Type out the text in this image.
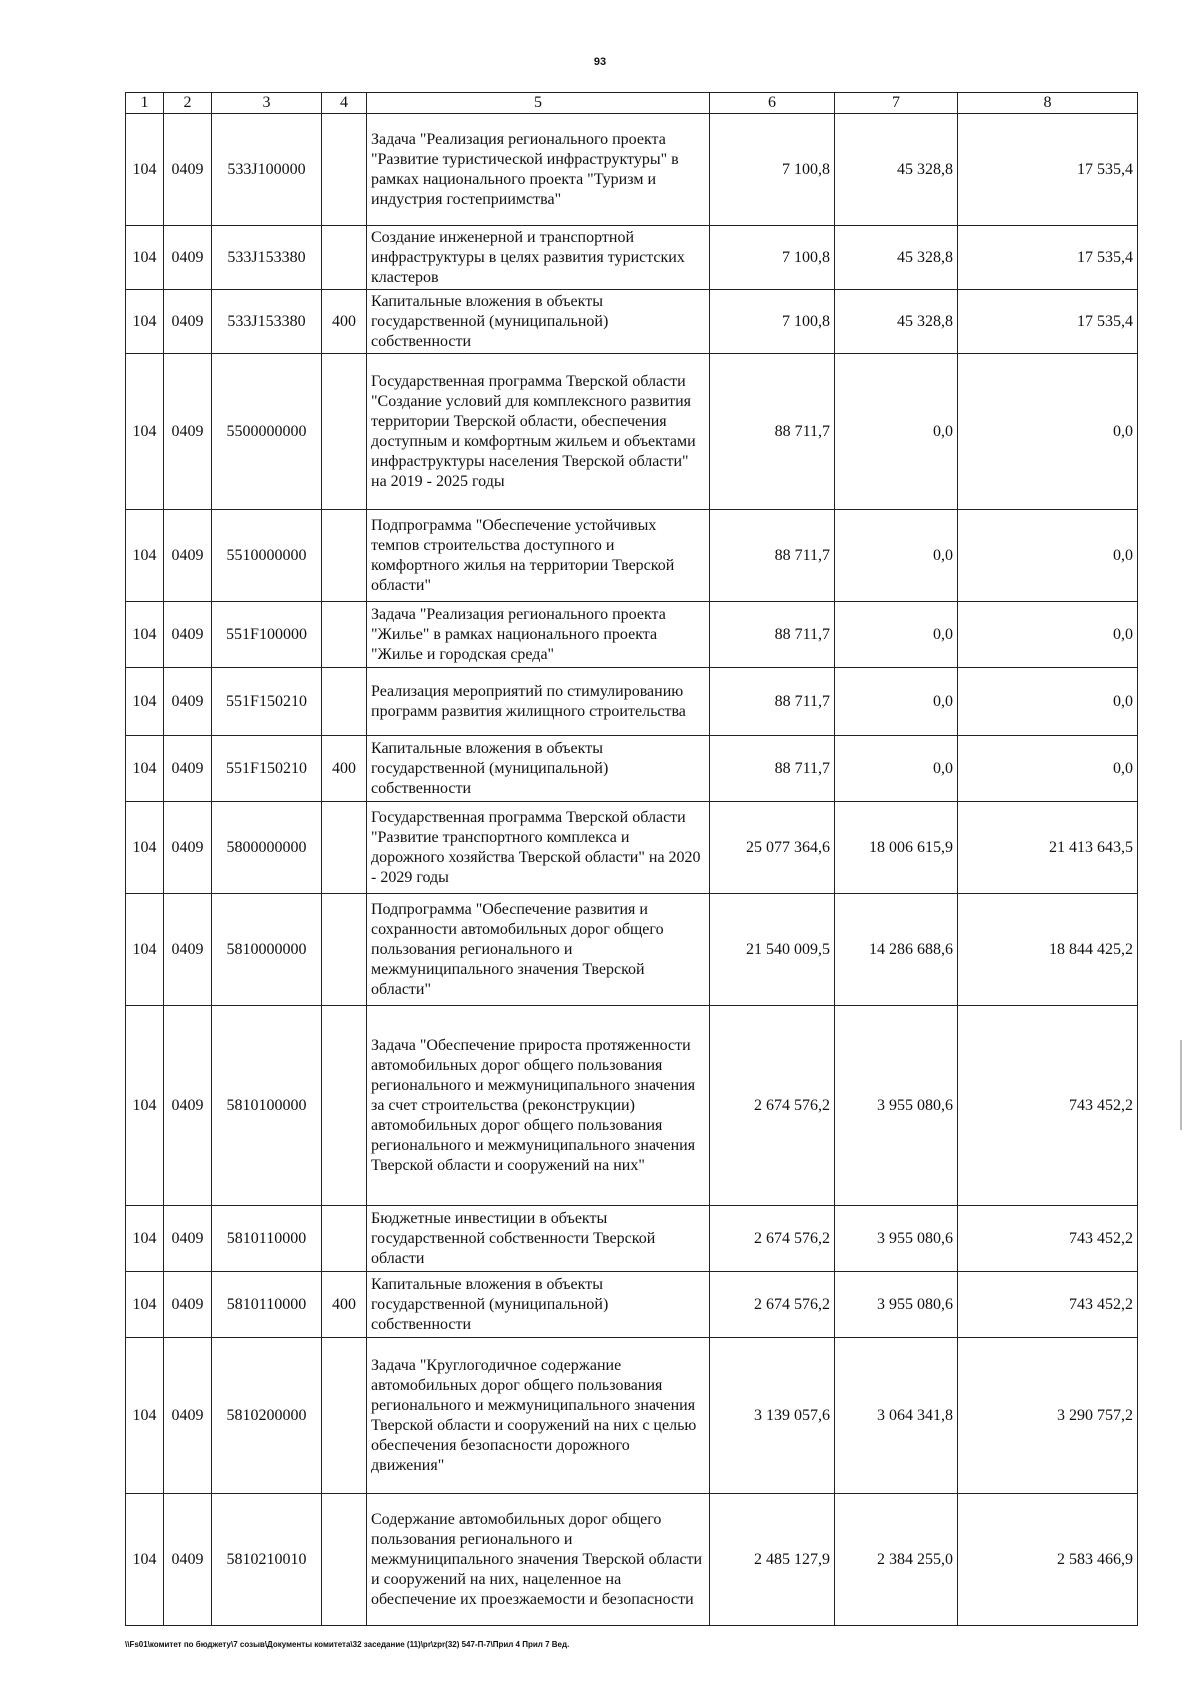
93
1	2	3	4	5	6	7	8
104	0409	533J100000		Задача "Реализация регионального проекта "Развитие туристической инфраструктуры" в рамках национального проекта "Туризм и индустрия гостеприимства"	7 100,8	45 328,8	17 535,4
104	0409	533J153380		Создание инженерной и транспортной инфраструктуры в целях развития туристских кластеров	7 100,8	45 328,8	17 535,4
104	0409	533J153380	400	Капитальные вложения в объекты государственной (муниципальной) собственности	7 100,8	45 328,8	17 535,4
104	0409	5500000000		Государственная программа Тверской области "Создание условий для комплексного развития территории Тверской области, обеспечения доступным и комфортным жильем и объектами инфраструктуры населения Тверской области" на 2019 - 2025 годы	88 711,7	0,0	0,0
104	0409	5510000000		Подпрограмма "Обеспечение устойчивых темпов строительства доступного и комфортного жилья на территории Тверской области"	88 711,7	0,0	0,0
104	0409	551F100000		Задача "Реализация регионального проекта "Жилье" в рамках национального проекта "Жилье и городская среда"	88 711,7	0,0	0,0
104	0409	551F150210		Реализация мероприятий по стимулированию программ развития жилищного строительства	88 711,7	0,0	0,0
104	0409	551F150210	400	Капитальные вложения в объекты государственной (муниципальной) собственности	88 711,7	0,0	0,0
104	0409	5800000000		Государственная программа Тверской области "Развитие транспортного комплекса и дорожного хозяйства Тверской области" на 2020 - 2029 годы	25 077 364,6	18 006 615,9	21 413 643,5
104	0409	5810000000		Подпрограмма "Обеспечение развития и сохранности автомобильных дорог общего пользования регионального и межмуниципального значения Тверской области"	21 540 009,5	14 286 688,6	18 844 425,2
104	0409	5810100000		Задача "Обеспечение прироста протяженности автомобильных дорог общего пользования регионального и межмуниципального значения за счет строительства (реконструкции) автомобильных дорог общего пользования регионального и межмуниципального значения Тверской области и сооружений на них"	2 674 576,2	3 955 080,6	743 452,2
104	0409	5810110000		Бюджетные инвестиции в объекты государственной собственности Тверской области	2 674 576,2	3 955 080,6	743 452,2
104	0409	5810110000	400	Капитальные вложения в объекты государственной (муниципальной) собственности	2 674 576,2	3 955 080,6	743 452,2
104	0409	5810200000		Задача "Круглогодичное содержание автомобильных дорог общего пользования регионального и межмуниципального значения Тверской области и сооружений на них с целью обеспечения безопасности дорожного движения"	3 139 057,6	3 064 341,8	3 290 757,2
104	0409	5810210010		Содержание автомобильных дорог общего пользования регионального и межмуниципального значения Тверской области и сооружений на них, нацеленное на обеспечение их проезжаемости и безопасности	2 485 127,9	2 384 255,0	2 583 466,9
\\Fs01\комитет по бюджету\7 созыв\Документы комитета\32 заседание (11)\pr\zpr(32) 547-П-7\Прил 4 Прил 7 Вед.
